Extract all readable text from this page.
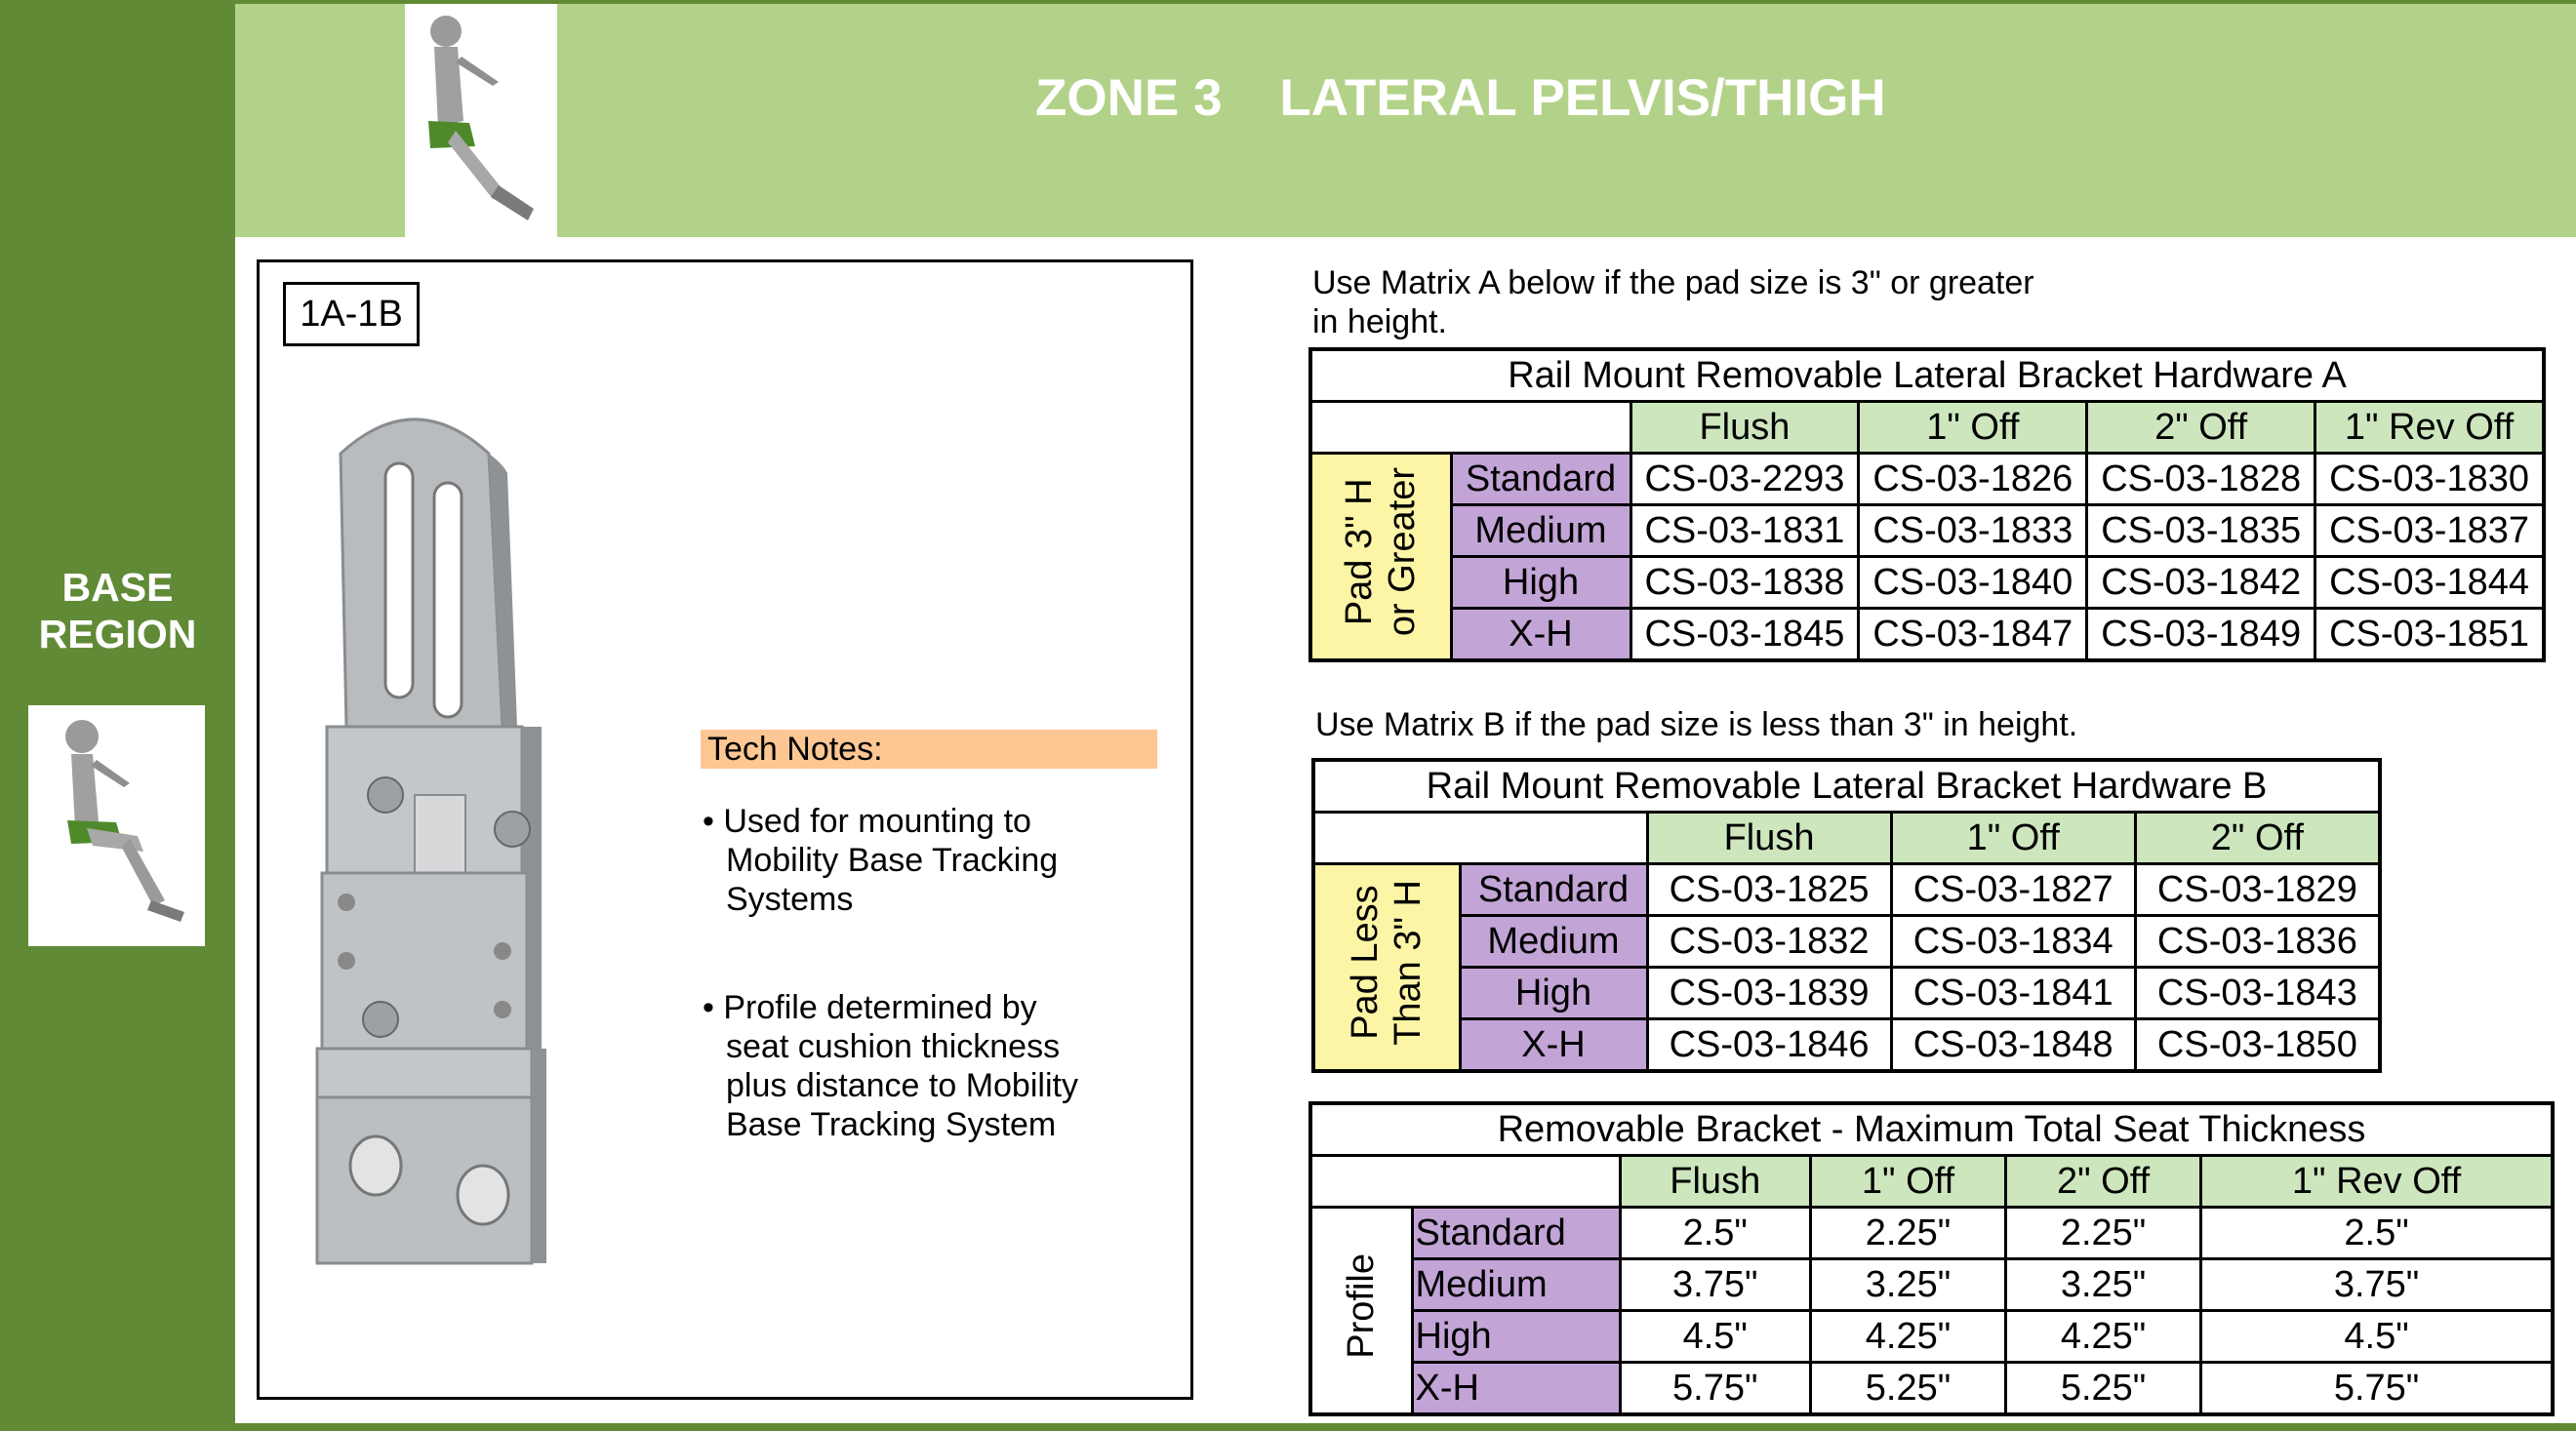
BASE
REGION
ZONE 3    LATERAL PELVIS/THIGH
1A-1B
Tech Notes:
• Used for mounting to
Mobility Base Tracking
Systems
• Profile determined by
seat cushion thickness
plus distance to Mobility
Base Tracking System
Use Matrix A below if the pad size is 3" or greater
in height.
Rail Mount Removable Lateral Bracket Hardware A					
		Flush	1" Off	2" Off	1" Rev Off
Pad 3" H
or Greater	Standard	CS-03-2293	CS-03-1826	CS-03-1828	CS-03-1830
	Medium	CS-03-1831	CS-03-1833	CS-03-1835	CS-03-1837
	High	CS-03-1838	CS-03-1840	CS-03-1842	CS-03-1844
	X-H	CS-03-1845	CS-03-1847	CS-03-1849	CS-03-1851
Use Matrix B if the pad size is less than 3" in height.
Rail Mount Removable Lateral Bracket Hardware B				
		Flush	1" Off	2" Off
Pad Less
Than 3" H	Standard	CS-03-1825	CS-03-1827	CS-03-1829
	Medium	CS-03-1832	CS-03-1834	CS-03-1836
	High	CS-03-1839	CS-03-1841	CS-03-1843
	X-H	CS-03-1846	CS-03-1848	CS-03-1850
Removable Bracket - Maximum Total Seat Thickness					
		Flush	1" Off	2" Off	1" Rev Off
Profile	Standard	2.5"	2.25"	2.25"	2.5"
	Medium	3.75"	3.25"	3.25"	3.75"
	High	4.5"	4.25"	4.25"	4.5"
	X-H	5.75"	5.25"	5.25"	5.75"
